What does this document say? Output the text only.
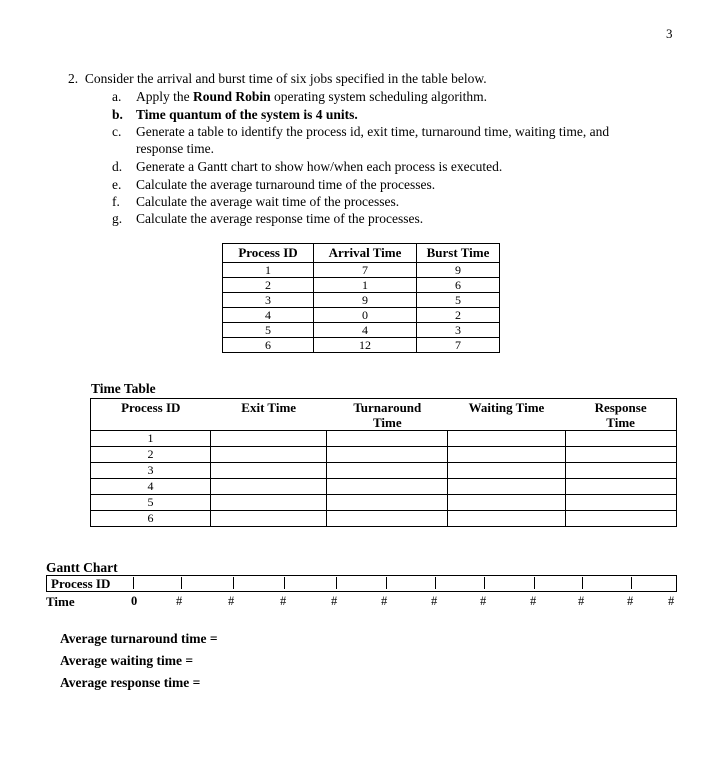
3
2. Consider the arrival and burst time of six jobs specified in the table below.
a.	Apply the Round Robin operating system scheduling algorithm.
b. Time quantum of the system is 4 units.
c.	Generate a table to identify the process id, exit time, turnaround time, waiting time, and
response time.
d.	Generate a Gantt chart to show how/when each process is executed.
e.	Calculate the average turnaround time of the processes.
f.	Calculate the average wait time of the processes.
g.	Calculate the average response time of the processes.
Process ID	Arrival Time	Burst Time
1	7	9
2	1	6
3	9	5
4	0	2
5	4	3
6	12	7
Time Table
Process ID	Exit Time	Turnaround Time	Waiting Time	Response Time

1				

2				

3				

4				

5				

6				

Gantt Chart
Process ID
Time	0	#	#	#	#	#	#	#	#	#	#	#
Average turnaround time =
Average waiting time =
Average response time =
